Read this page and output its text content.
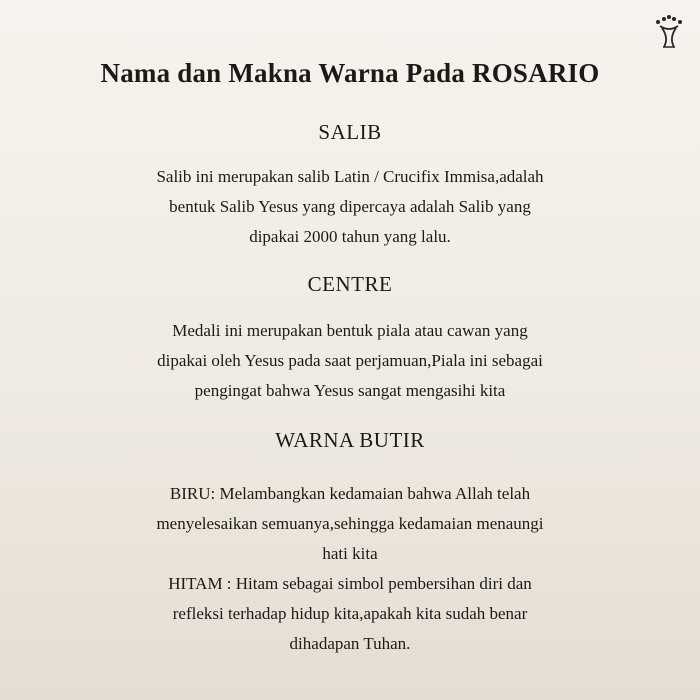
Nama dan Makna Warna Pada ROSARIO
SALIB
Salib ini merupakan salib Latin / Crucifix Immisa,adalah
bentuk Salib Yesus yang dipercaya adalah Salib yang
dipakai 2000 tahun yang lalu.
CENTRE
Medali ini merupakan bentuk piala atau cawan yang
dipakai oleh Yesus pada saat perjamuan,Piala ini sebagai
pengingat bahwa Yesus sangat mengasihi kita
WARNA BUTIR
BIRU: Melambangkan kedamaian bahwa Allah telah
menyelesaikan semuanya,sehingga kedamaian menaungi
hati kita
HITAM : Hitam sebagai simbol pembersihan diri dan
refleksi terhadap hidup kita,apakah kita sudah benar
dihadapan Tuhan.
